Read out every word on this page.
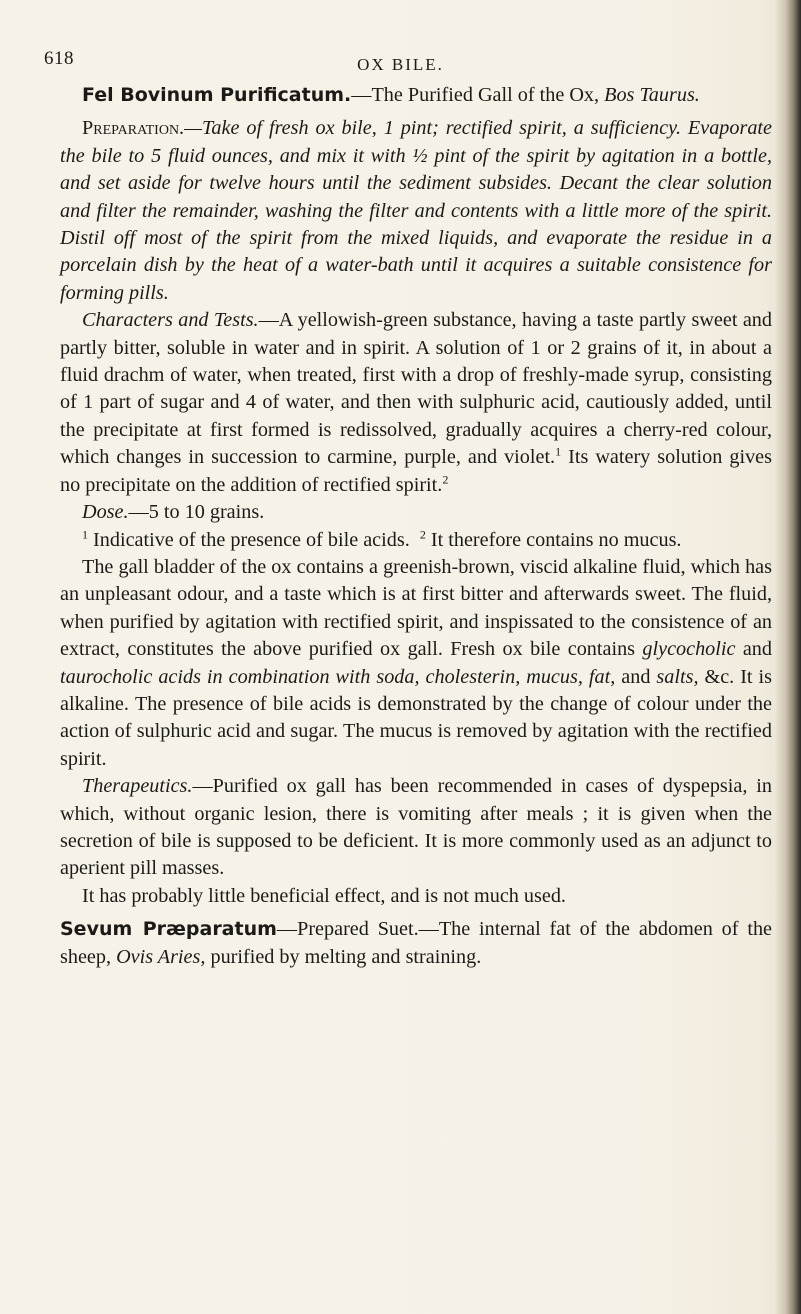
618	OX BILE.

Fel Bovinum Purificatum.—The Purified Gall of the Ox, Bos Taurus.

Preparation.—Take of fresh ox bile, 1 pint; rectified spirit, a sufficiency. Evaporate the bile to 5 fluid ounces, and mix it with ½ pint of the spirit by agitation in a bottle, and set aside for twelve hours until the sediment subsides. Decant the clear solution and filter the remainder, washing the filter and contents with a little more of the spirit. Distil off most of the spirit from the mixed liquids, and evaporate the residue in a porcelain dish by the heat of a water-bath until it acquires a suitable consistence for forming pills.

Characters and Tests.—A yellowish-green substance, having a taste partly sweet and partly bitter, soluble in water and in spirit. A solution of 1 or 2 grains of it, in about a fluid drachm of water, when treated, first with a drop of freshly-made syrup, consisting of 1 part of sugar and 4 of water, and then with sulphuric acid, cautiously added, until the precipitate at first formed is redissolved, gradually acquires a cherry-red colour, which changes in succession to carmine, purple, and violet.$^1$ Its watery solution gives no precipitate on the addition of rectified spirit.$^2$

Dose.—5 to 10 grains.

$^1$ Indicative of the presence of bile acids. $^2$ It therefore contains no mucus.

The gall bladder of the ox contains a greenish-brown, viscid alkaline fluid, which has an unpleasant odour, and a taste which is at first bitter and afterwards sweet. The fluid, when purified by agitation with rectified spirit, and inspissated to the consistence of an extract, constitutes the above purified ox gall. Fresh ox bile contains glycocholic and taurocholic acids in combination with soda, cholesterin, mucus, fat, and salts, &c. It is alkaline. The presence of bile acids is demonstrated by the change of colour under the action of sulphuric acid and sugar. The mucus is removed by agitation with the rectified spirit.

Therapeutics.—Purified ox gall has been recommended in cases of dyspepsia, in which, without organic lesion, there is vomiting after meals ; it is given when the secretion of bile is supposed to be deficient. It is more commonly used as an adjunct to aperient pill masses.

It has probably little beneficial effect, and is not much used.

Sevum Præparatum—Prepared Suet.—The internal fat of the abdomen of the sheep, Ovis Aries, purified by melting and straining.
